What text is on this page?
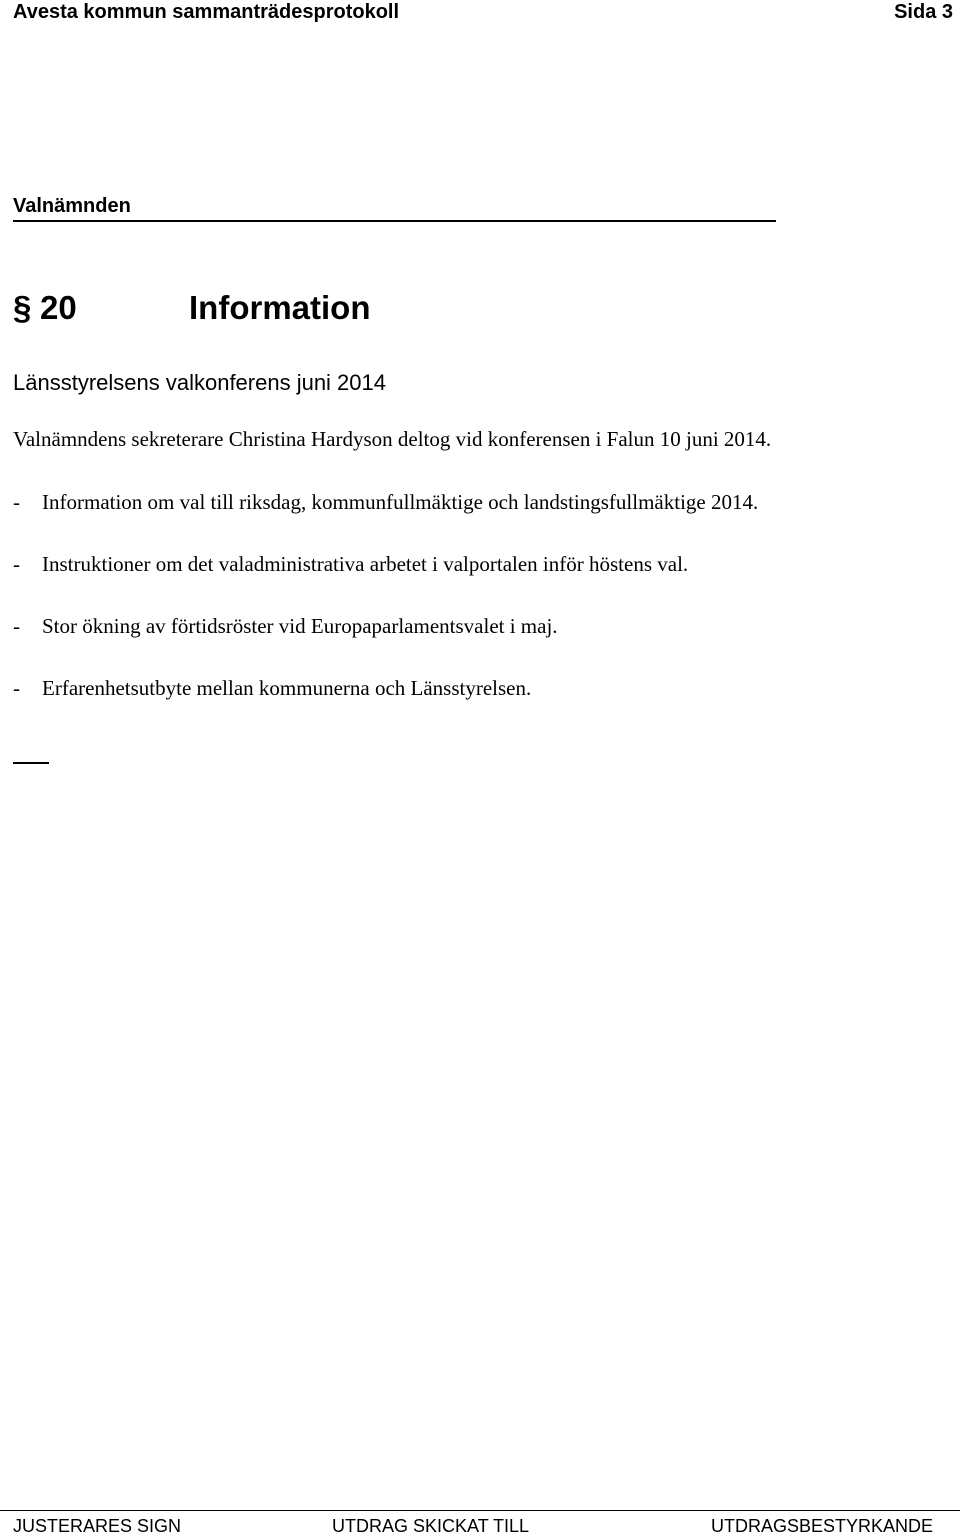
Avesta kommun sammanträdesprotokoll	Sida 3
Valnämnden
§ 20	Information
Länsstyrelsens valkonferens juni 2014
Valnämndens sekreterare Christina Hardyson deltog vid konferensen i Falun 10 juni 2014.
- Information om val till riksdag, kommunfullmäktige och landstingsfullmäktige 2014.
- Instruktioner om det valadministrativa arbetet i valportalen inför höstens val.
- Stor ökning av förtidsröster vid Europaparlamentsvalet i maj.
- Erfarenhetsutbyte mellan kommunerna och Länsstyrelsen.
JUSTERARES SIGN	UTDRAG SKICKAT TILL	UTDRAGSBESTYRKANDE
